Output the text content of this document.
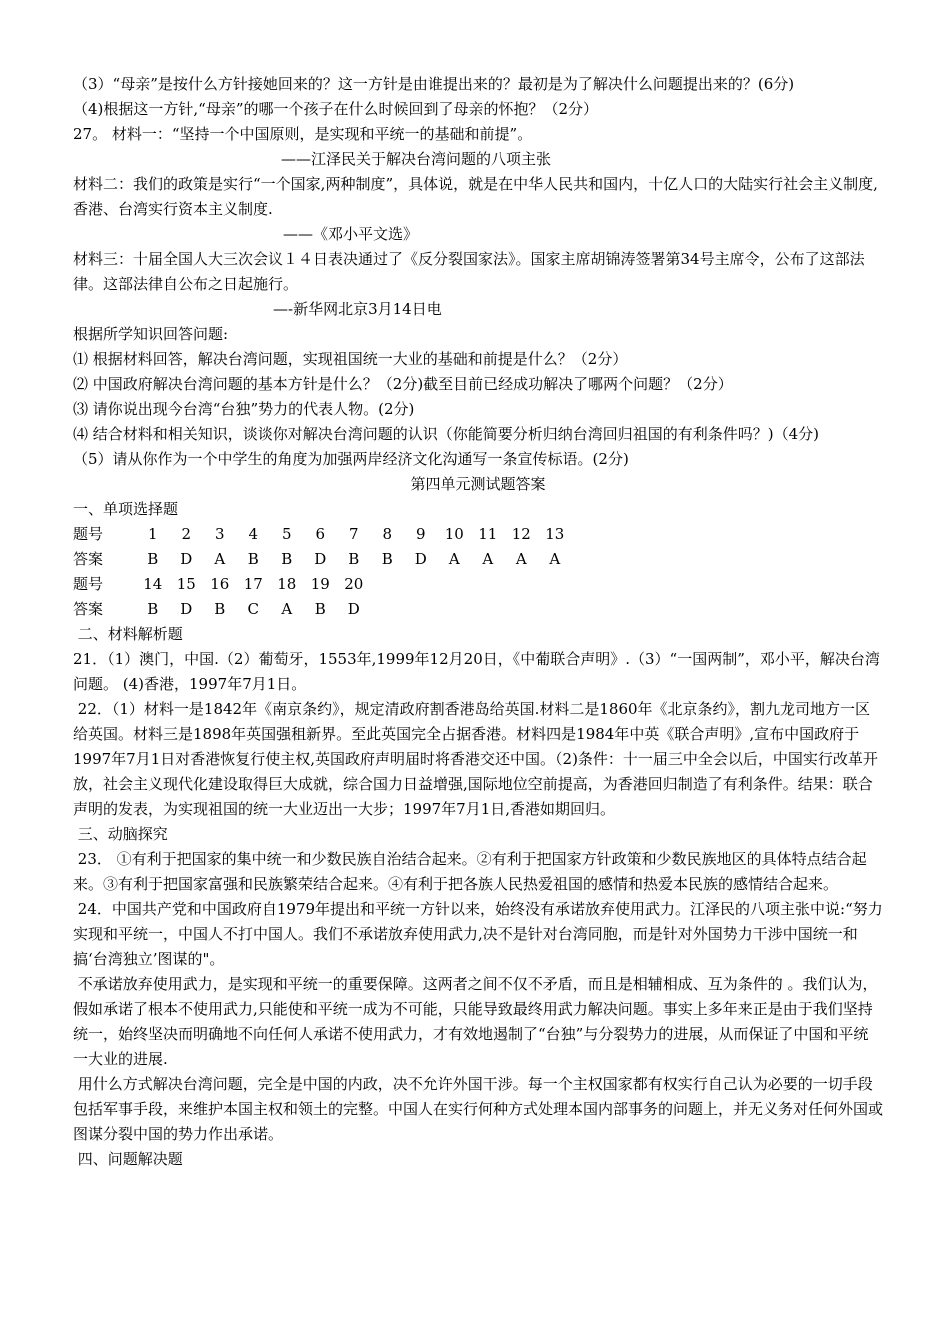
（3）“母亲”是按什么方针接她回来的？这一方针是由谁提出来的？最初是为了解决什么问题提出来的？(6分)
（4)根据这一方针,“母亲”的哪一个孩子在什么时候回到了母亲的怀抱？（2分）
27。 材料一：“坚持一个中国原则，是实现和平统一的基础和前提”。
——江泽民关于解决台湾问题的八项主张
材料二：我们的政策是实行“一个国家,两种制度”，具体说，就是在中华人民共和国内，十亿人口的大陆实行社会主义制度,香港、台湾实行资本主义制度.
——《邓小平文选》
材料三：十届全国人大三次会议１４日表决通过了《反分裂国家法》。国家主席胡锦涛签署第34号主席令，公布了这部法律。这部法律自公布之日起施行。
—-新华网北京3月14日电
根据所学知识回答问题:
⑴ 根据材料回答，解决台湾问题，实现祖国统一大业的基础和前提是什么？（2分）
⑵ 中国政府解决台湾问题的基本方针是什么？（2分)截至目前已经成功解决了哪两个问题？（2分）
⑶ 请你说出现今台湾“台独”势力的代表人物。(2分)
⑷ 结合材料和相关知识，谈谈你对解决台湾问题的认识（你能简要分析归纳台湾回归祖国的有利条件吗？)（4分)
（5）请从你作为一个中学生的角度为加强两岸经济文化沟通写一条宣传标语。(2分)
第四单元测试题答案
一、单项选择题
题号	1	2	3	4	5	6	7	8	9	10 11 12 13
答案	B	D	A	B	B	D	B	B	D	A	A	A	A
题号	14 15 16 17 18 19 20
答案	B	D	B	C	A	B	D
二、材料解析题
21．（1）澳门，中国.（2）葡萄牙，1553年,1999年12月20日，《中葡联合声明》.（3）“一国两制”，邓小平，解决台湾问题。 (4)香港，1997年7月1日。
22．（1）材料一是1842年《南京条约》，规定清政府割香港岛给英国.材料二是1860年《北京条约》，割九龙司地方一区给英国。材料三是1898年英国强租新界。至此英国完全占据香港。材料四是1984年中英《联合声明》,宣布中国政府于1997年7月1日对香港恢复行使主权,英国政府声明届时将香港交还中国。（2)条件：十一届三中全会以后，中国实行改革开放，社会主义现代化建设取得巨大成就，综合国力日益增强,国际地位空前提高，为香港回归制造了有利条件。结果：联合声明的发表，为实现祖国的统一大业迈出一大步；1997年7月1日,香港如期回归。
三、动脑探究
23． ①有利于把国家的集中统一和少数民族自治结合起来。②有利于把国家方针政策和少数民族地区的具体特点结合起来。③有利于把国家富强和民族繁荣结合起来。④有利于把各族人民热爱祖国的感情和热爱本民族的感情结合起来。
24．中国共产党和中国政府自1979年提出和平统一方针以来，始终没有承诺放弃使用武力。江泽民的八项主张中说:“努力实现和平统一，中国人不打中国人。我们不承诺放弃使用武力,决不是针对台湾同胞，而是针对外国势力干涉中国统一和搞‘台湾独立’图谋的"。
不承诺放弃使用武力，是实现和平统一的重要保障。这两者之间不仅不矛盾，而且是相辅相成、互为条件的 。我们认为，假如承诺了根本不使用武力,只能使和平统一成为不可能，只能导致最终用武力解决问题。事实上多年来正是由于我们坚持统一，始终坚决而明确地不向任何人承诺不使用武力，才有效地遏制了“台独”与分裂势力的进展，从而保证了中国和平统一大业的进展.
用什么方式解决台湾问题，完全是中国的内政，决不允许外国干涉。每一个主权国家都有权实行自己认为必要的一切手段包括军事手段，来维护本国主权和领土的完整。中国人在实行何种方式处理本国内部事务的问题上，并无义务对任何外国或图谋分裂中国的势力作出承诺。
四、问题解决题
